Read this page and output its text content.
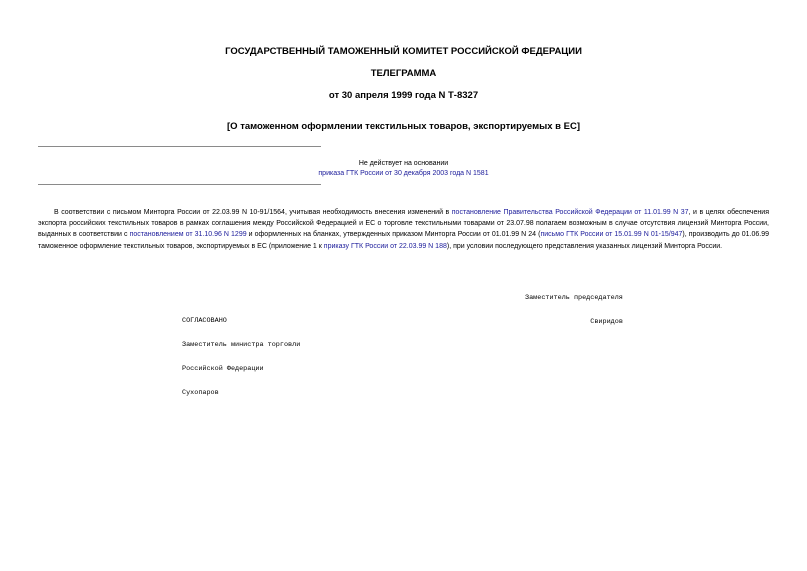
ГОСУДАРСТВЕННЫЙ ТАМОЖЕННЫЙ КОМИТЕТ РОССИЙСКОЙ ФЕДЕРАЦИИ
ТЕЛЕГРАММА
от 30 апреля 1999 года N Т-8327
[О таможенном оформлении текстильных товаров, экспортируемых в ЕС]
Не действует на основании
приказа ГТК России от 30 декабря 2003 года N 1581

В соответствии с письмом Минторга России от 22.03.99 N 10-91/1564, учитывая необходимость внесения изменений в постановление Правительства Российской Федерации от 11.01.99 N 37, и в целях обеспечения экспорта российских текстильных товаров в рамках соглашения между Российской Федерацией и ЕС о торговле текстильными товарами от 23.07.98 полагаем возможным в случае отсутствия лицензий Минторга России, выданных в соответствии с постановлением от 31.10.96 N 1299 и оформленных на бланках, утвержденных приказом Минторга России от 01.01.99 N 24 (письмо ГТК России от 15.01.99 N 01-15/947), производить до 01.06.99 таможенное оформление текстильных товаров, экспортируемых в ЕС (приложение 1 к приказу ГТК России от 22.03.99 N 188), при условии последующего представления указанных лицензий Минторга России.

Заместитель председателя

Свиридов

СОГЛАСОВАНО

Заместитель министра торговли

Российской Федерации

Сухопаров
